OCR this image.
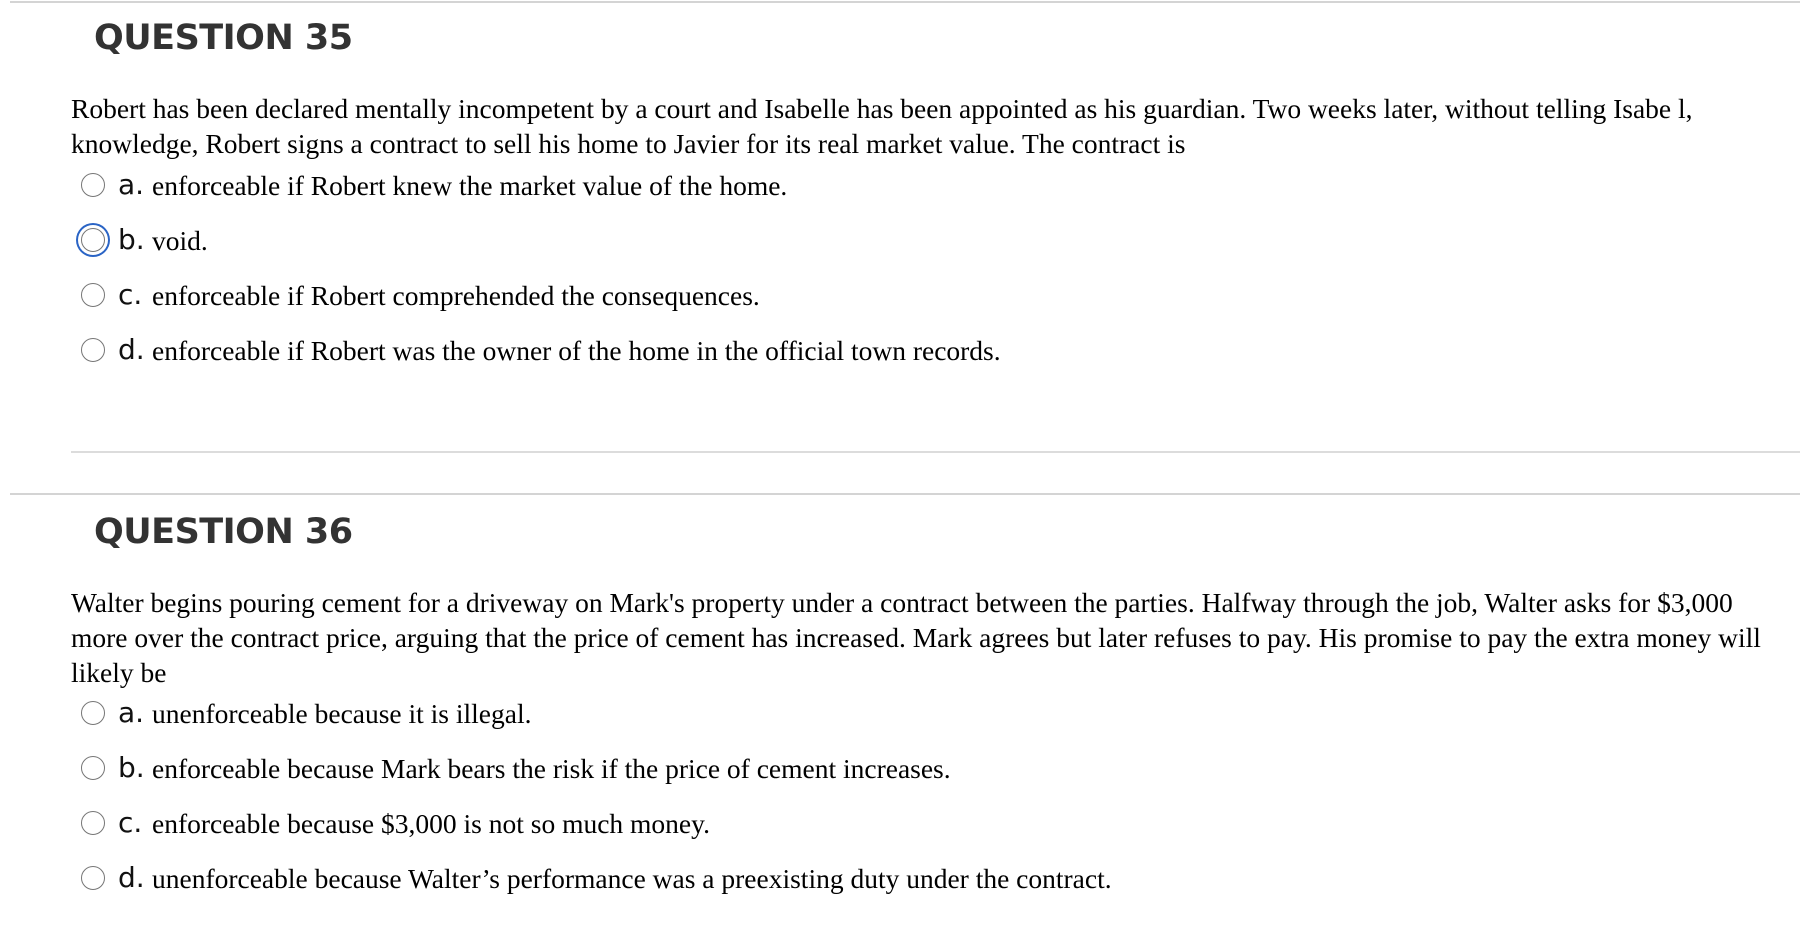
QUESTION 35

Robert has been declared mentally incompetent by a court and Isabelle has been appointed as his guardian. Two weeks later, without telling Isabe l, knowledge, Robert signs a contract to sell his home to Javier for its real market value. The contract is

a. enforceable if Robert knew the market value of the home.
b. void.
c. enforceable if Robert comprehended the consequences.
d. enforceable if Robert was the owner of the home in the official town records.
QUESTION 36

Walter begins pouring cement for a driveway on Mark's property under a contract between the parties. Halfway through the job, Walter asks for $3,000 more over the contract price, arguing that the price of cement has increased. Mark agrees but later refuses to pay. His promise to pay the extra money will likely be

a. unenforceable because it is illegal.
b. enforceable because Mark bears the risk if the price of cement increases.
c. enforceable because $3,000 is not so much money.
d. unenforceable because Walter’s performance was a preexisting duty under the contract.
